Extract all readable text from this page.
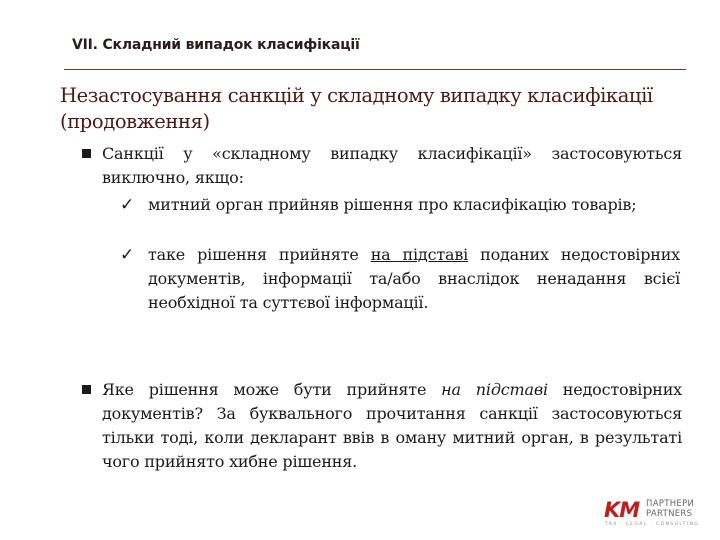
VII. Складний випадок класифікації
Незастосування санкцій у складному випадку класифікації
(продовження)

Санкції у «складному випадку класифікації» застосовуються виключно, якщо:

✓ митний орган прийняв рішення про класифікацію товарів;

✓ таке рішення прийняте на підставі поданих недостовірних документів, інформації та/або внаслідок ненадання всієї необхідної та суттєвої інформації.

Яке рішення може бути прийняте на підставі недостовірних документів? За буквального прочитання санкції застосовуються тільки тоді, коли декларант ввів в оману митний орган, в результаті чого прийнято хибне рішення.

KM ПАРТНЕРИ
PARTNERS
TAX . LEGAL . CONSULTING
